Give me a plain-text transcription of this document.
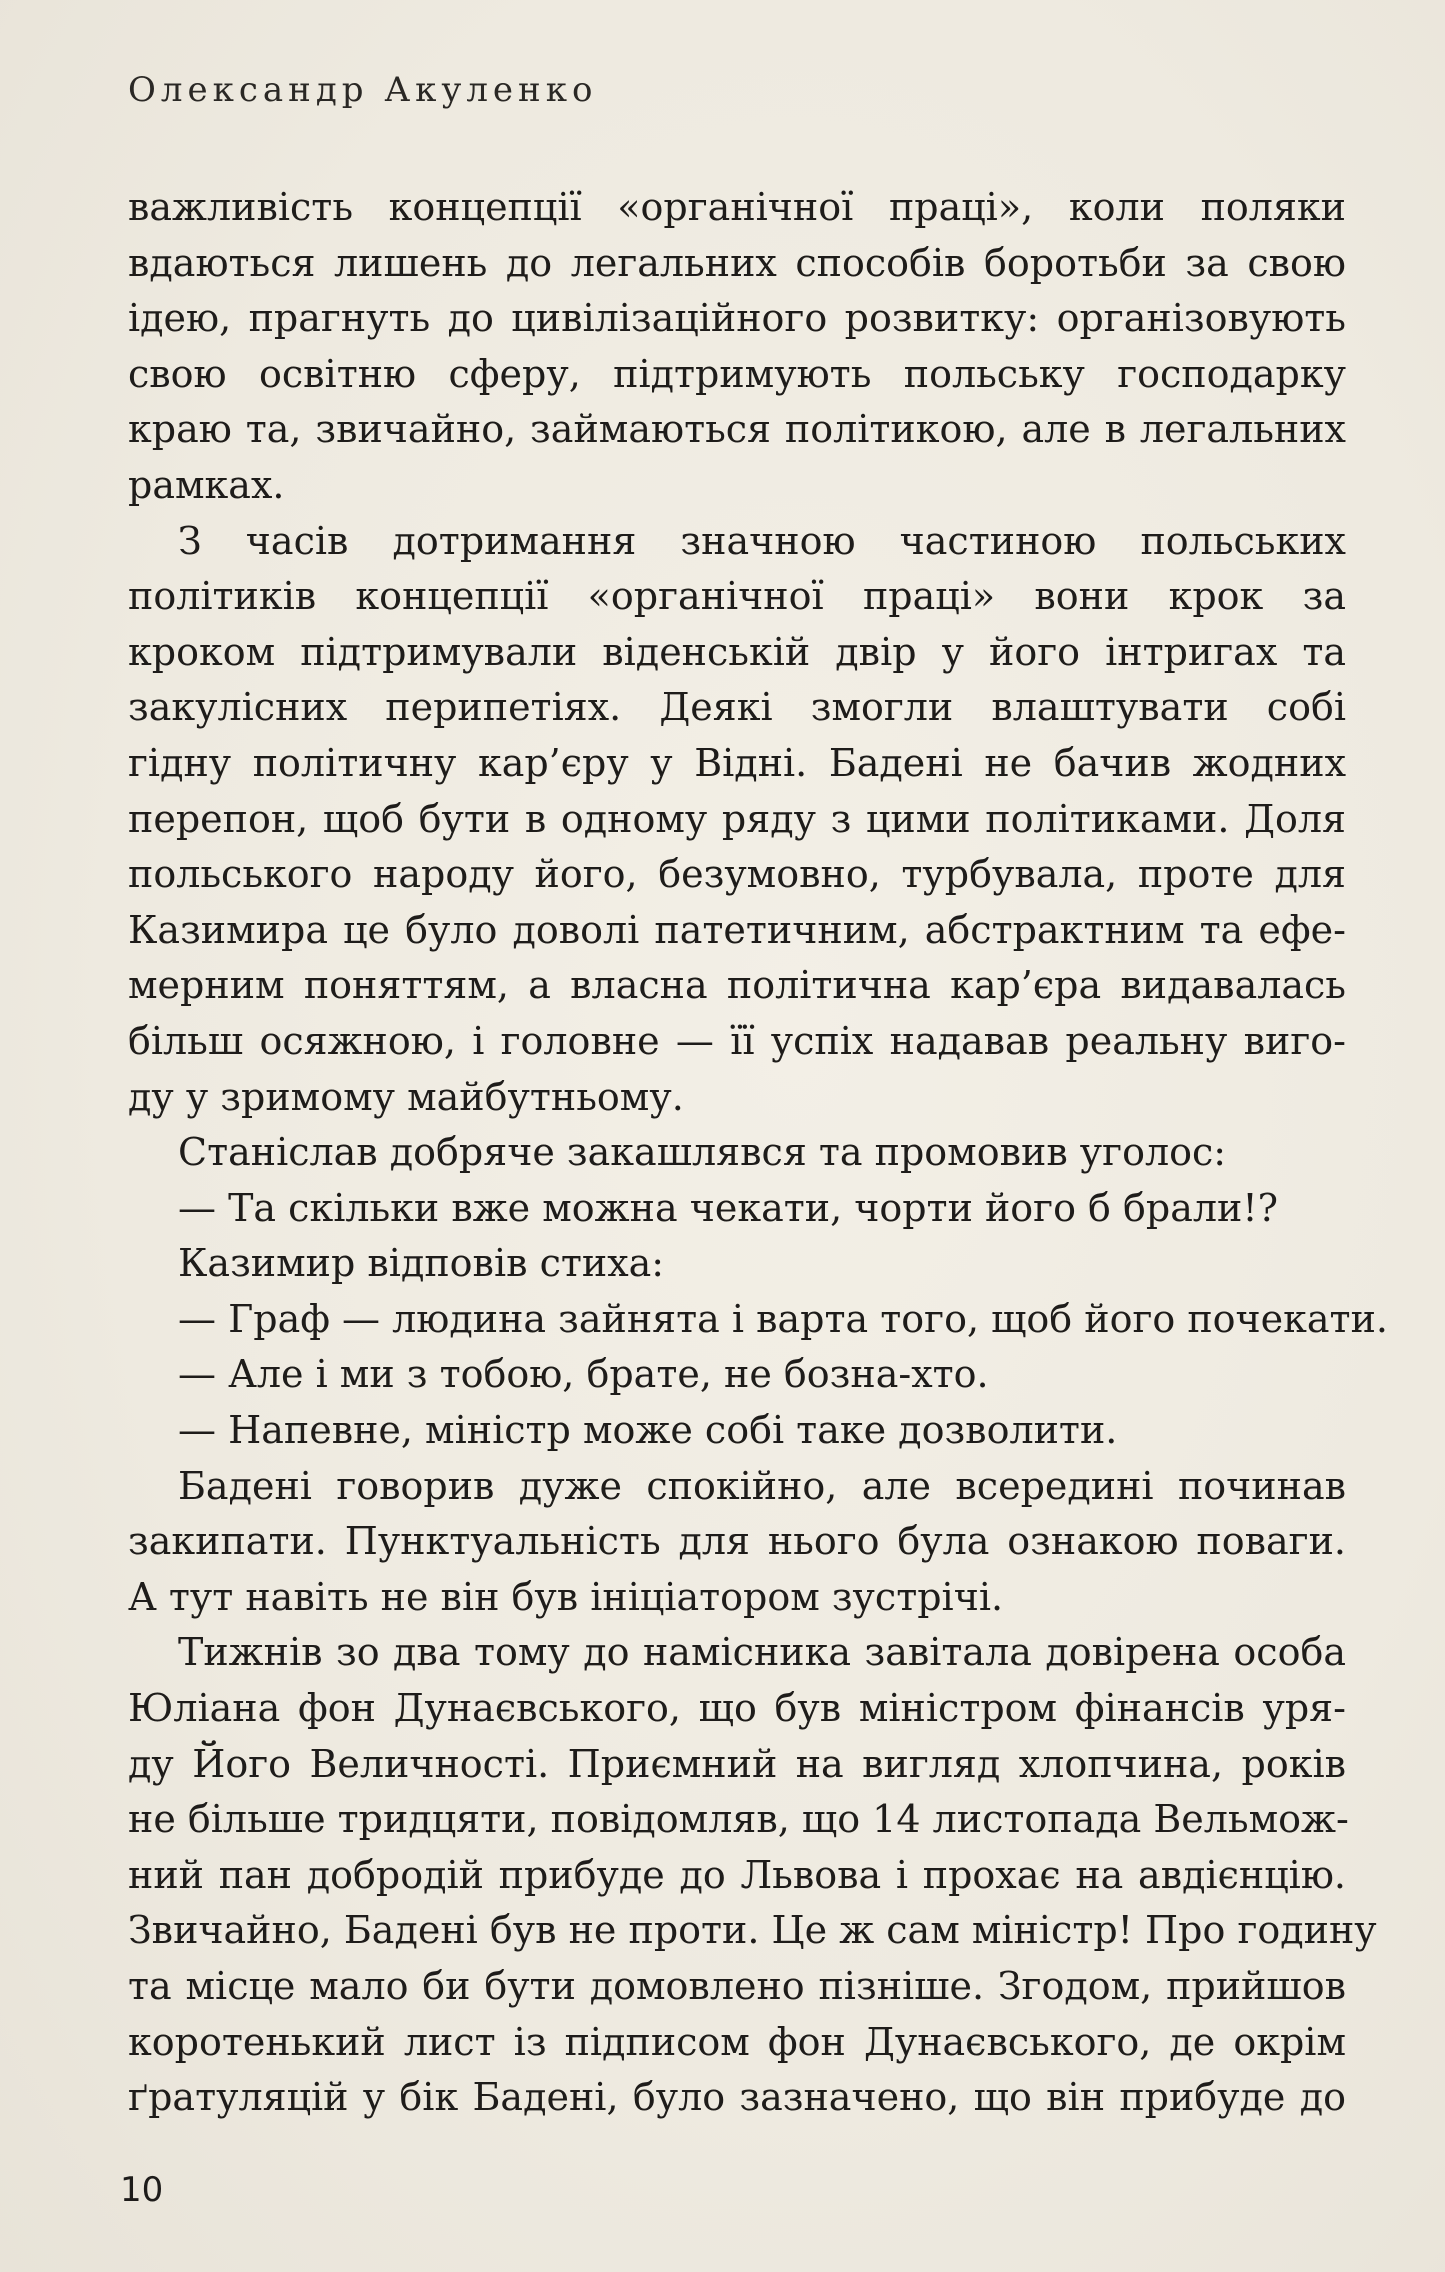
Олександр Акуленко
важливість концепції «органічної праці», коли поляки
вдаються лишень до легальних способів боротьби за свою
ідею, прагнуть до цивілізаційного розвитку: організовують
свою освітню сферу, підтримують польську господарку
краю та, звичайно, займаються політикою, але в легальних
рамках.
З часів дотримання значною частиною польських
політиків концепції «органічної праці» вони крок за
кроком підтримували віденській двір у його інтригах та
закулісних перипетіях. Деякі змогли влаштувати собі
гідну політичну кар’єру у Відні. Бадені не бачив жодних
перепон, щоб бути в одному ряду з цими політиками. Доля
польського народу його, безумовно, турбувала, проте для
Казимира це було доволі патетичним, абстрактним та ефе-
мерним поняттям, а власна політична кар’єра видавалась
більш осяжною, і головне — її успіх надавав реальну виго-
ду у зримому майбутньому.
Станіслав добряче закашлявся та промовив уголос:
— Та скільки вже можна чекати, чорти його б брали!?
Казимир відповів стиха:
— Граф — людина зайнята і варта того, щоб його почекати.
— Але і ми з тобою, брате, не бозна-хто.
— Напевне, міністр може собі таке дозволити.
Бадені говорив дуже спокійно, але всередині починав
закипати. Пунктуальність для нього була ознакою поваги.
А тут навіть не він був ініціатором зустрічі.
Тижнів зо два тому до намісника завітала довірена особа
Юліана фон Дунаєвського, що був міністром фінансів уря-
ду Його Величності. Приємний на вигляд хлопчина, років
не більше тридцяти, повідомляв, що 14 листопада Вельмож-
ний пан добродій прибуде до Львова і прохає на авдієнцію.
Звичайно, Бадені був не проти. Це ж сам міністр! Про годину
та місце мало би бути домовлено пізніше. Згодом, прийшов
коротенький лист із підписом фон Дунаєвського, де окрім
ґратуляцій у бік Бадені, було зазначено, що він прибуде до
10
